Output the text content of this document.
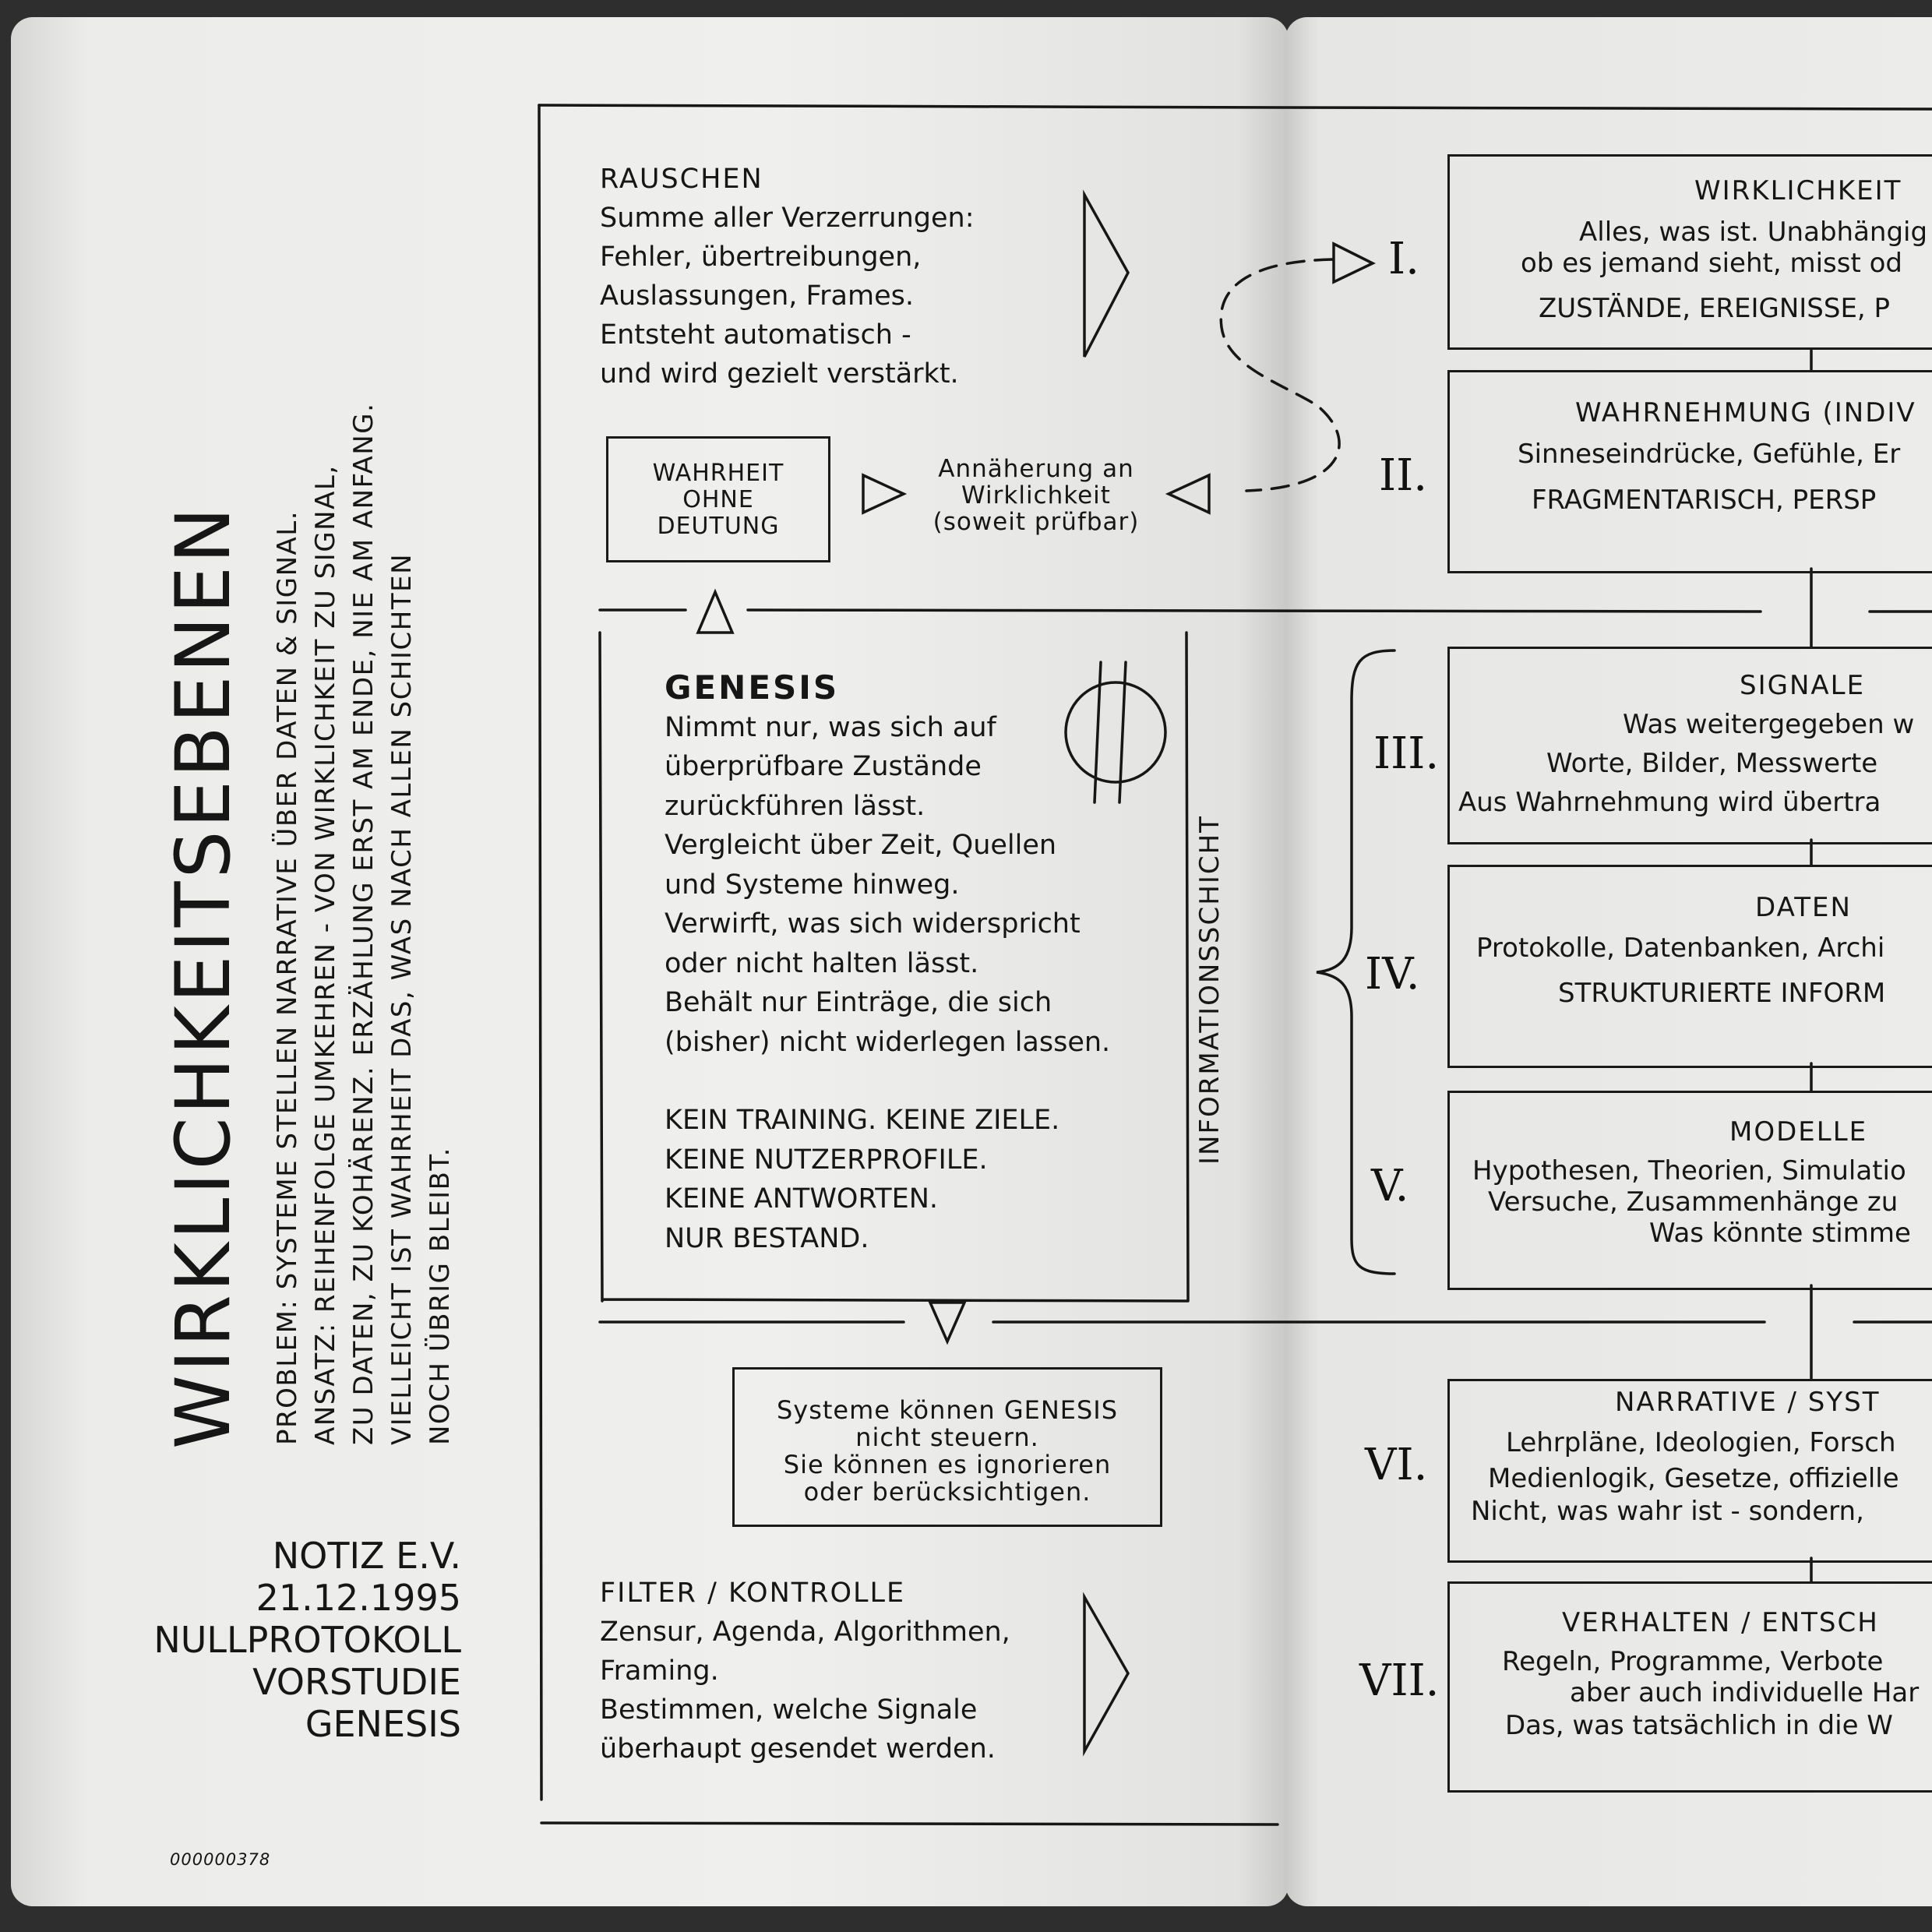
WIRKLICHKEITSEBENEN PROBLEM: SYSTEME STELLEN NARRATIVE ÜBER DATEN & SIGNAL. ANSATZ: REIHENFOLGE UMKEHREN - VON WIRKLICHKEIT ZU SIGNAL, ZU DATEN, ZU KOHÄRENZ. ERZÄHLUNG ERST AM ENDE, NIE AM ANFANG. VIELLEICHT IST WAHRHEIT DAS, WAS NACH ALLEN SCHICHTEN NOCH ÜBRIG BLEIBT.
NOTIZ E.V.
21.12.1995
NULLPROTOKOLL
VORSTUDIE
GENESIS
000000378
RAUSCHEN
Summe aller Verzerrungen:
Fehler, übertreibungen,
Auslassungen, Frames.
Entsteht automatisch -
und wird gezielt verstärkt.
WAHRHEIT
OHNE
DEUTUNG
Annäherung an
Wirklichkeit
(soweit prüfbar)
GENESIS
Nimmt nur, was sich auf
überprüfbare Zustände
zurückführen lässt.
Vergleicht über Zeit, Quellen
und Systeme hinweg.
Verwirft, was sich widerspricht
oder nicht halten lässt.
Behält nur Einträge, die sich
(bisher) nicht widerlegen lassen.
KEIN TRAINING. KEINE ZIELE.
KEINE NUTZERPROFILE.
KEINE ANTWORTEN.
NUR BESTAND.
INFORMATIONSSCHICHT
Systeme können GENESIS
nicht steuern.
Sie können es ignorieren
oder berücksichtigen.
FILTER / KONTROLLE
Zensur, Agenda, Algorithmen,
Framing.
Bestimmen, welche Signale
überhaupt gesendet werden.
I.
WIRKLICHKEIT
Alles, was ist. Unabhängig
ob es jemand sieht, misst od
ZUSTÄNDE, EREIGNISSE, P
II.
WAHRNEHMUNG (INDIV
Sinneseindrücke, Gefühle, Er
FRAGMENTARISCH, PERSP
III.
SIGNALE
Was weitergegeben w
Worte, Bilder, Messwerte
Aus Wahrnehmung wird übertra
IV.
DATEN
Protokolle, Datenbanken, Archi
STRUKTURIERTE INFORM
V.
MODELLE
Hypothesen, Theorien, Simulatio
Versuche, Zusammenhänge zu
Was könnte stimme
VI.
NARRATIVE / SYST
Lehrpläne, Ideologien, Forsch
Medienlogik, Gesetze, offizielle
Nicht, was wahr ist - sondern,
VII.
VERHALTEN / ENTSCH
Regeln, Programme, Verbote
aber auch individuelle Har
Das, was tatsächlich in die W
